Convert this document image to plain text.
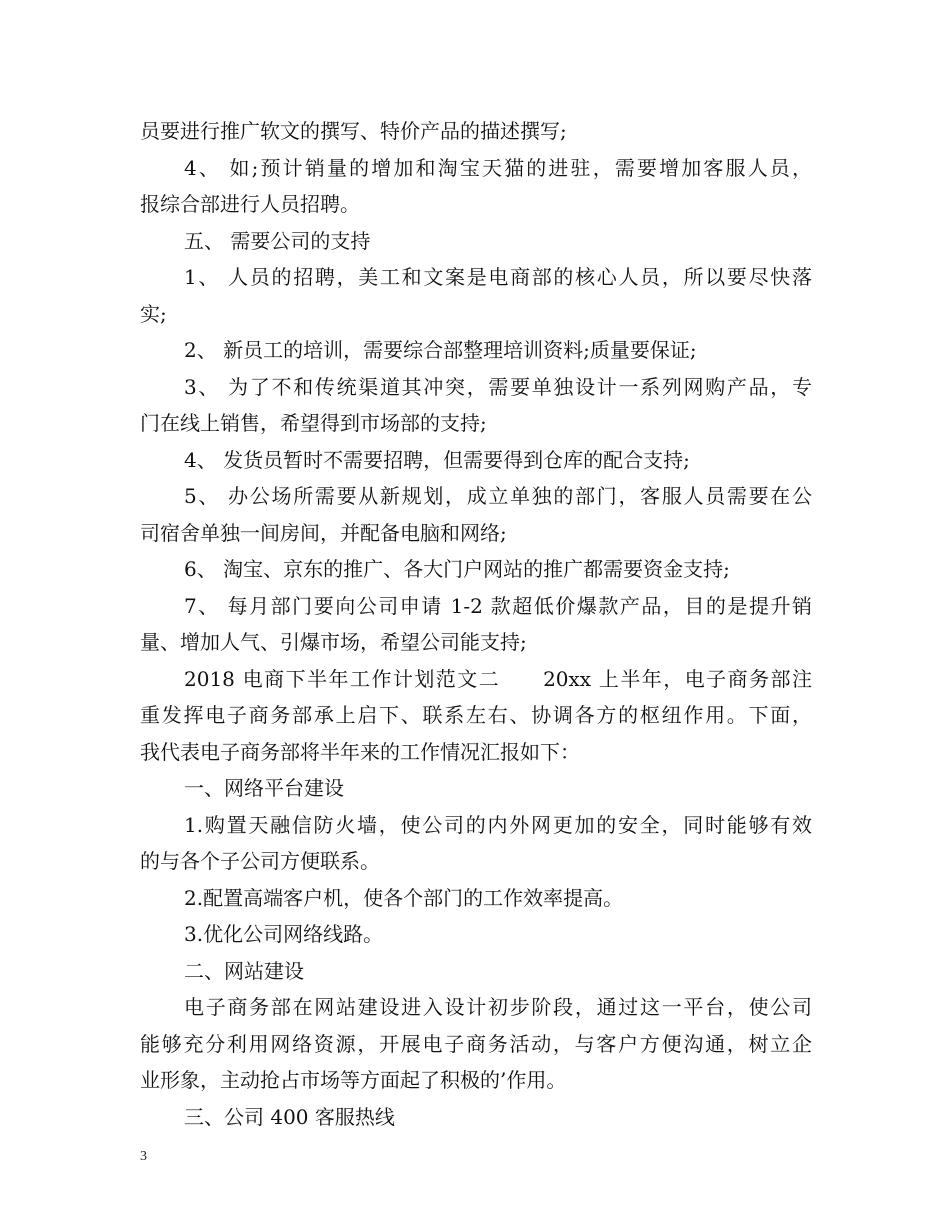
员要进行推广软文的撰写、特价产品的描述撰写;
4、 如;预计销量的增加和淘宝天猫的进驻，需要增加客服人员，
报综合部进行人员招聘。
五、 需要公司的支持
1、 人员的招聘，美工和文案是电商部的核心人员，所以要尽快落
实;
2、 新员工的培训，需要综合部整理培训资料;质量要保证;
3、 为了不和传统渠道其冲突，需要单独设计一系列网购产品，专
门在线上销售，希望得到市场部的支持;
4、 发货员暂时不需要招聘，但需要得到仓库的配合支持;
5、 办公场所需要从新规划，成立单独的部门，客服人员需要在公
司宿舍单独一间房间，并配备电脑和网络;
6、 淘宝、京东的推广、各大门户网站的推广都需要资金支持;
7、 每月部门要向公司申请 1-2 款超低价爆款产品，目的是提升销
量、增加人气、引爆市场，希望公司能支持;
2018 电商下半年工作计划范文二　　20xx 上半年，电子商务部注
重发挥电子商务部承上启下、联系左右、协调各方的枢纽作用。下面，
我代表电子商务部将半年来的工作情况汇报如下：
一、网络平台建设
1.购置天融信防火墙，使公司的内外网更加的安全，同时能够有效
的与各个子公司方便联系。
2.配置高端客户机，使各个部门的工作效率提高。
3.优化公司网络线路。
二、网站建设
电子商务部在网站建设进入设计初步阶段，通过这一平台，使公司
能够充分利用网络资源，开展电子商务活动，与客户方便沟通，树立企
业形象，主动抢占市场等方面起了积极的’作用。
三、公司 400 客服热线
3
